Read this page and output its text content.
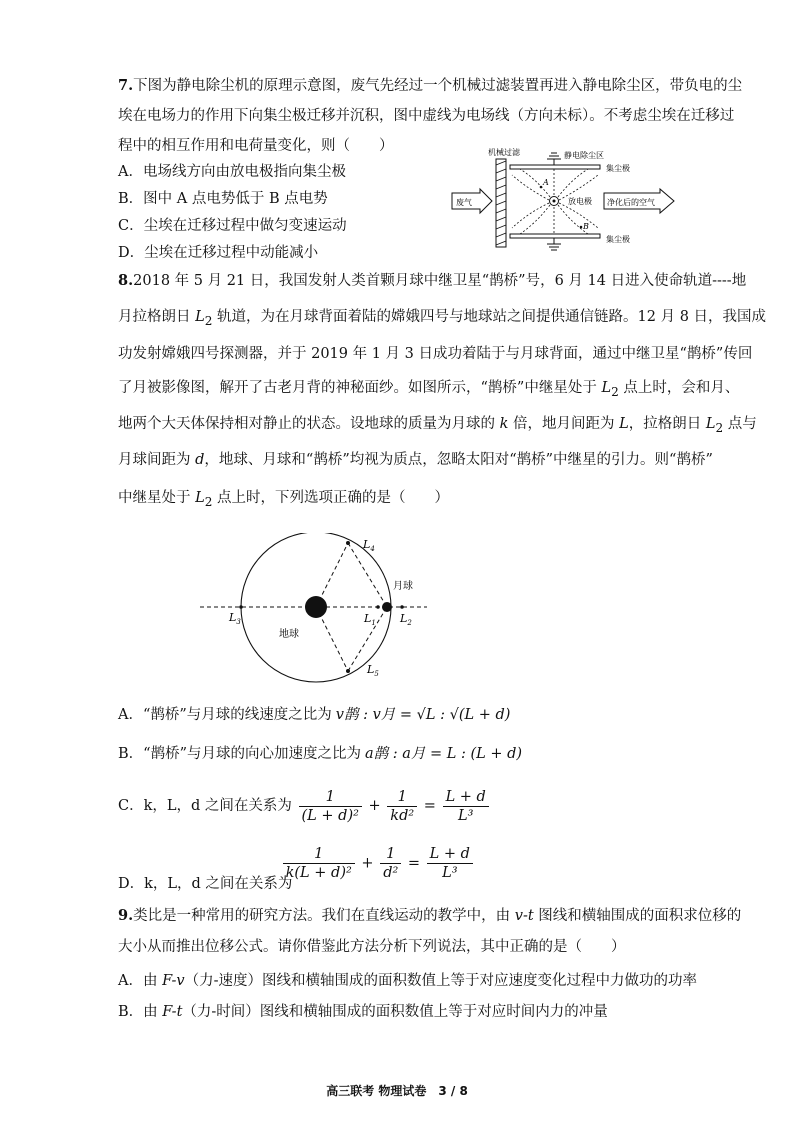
7.下图为静电除尘机的原理示意图，废气先经过一个机械过滤装置再进入静电除尘区，带负电的尘
埃在电场力的作用下向集尘极迁移并沉积，图中虚线为电场线（方向未标）。不考虑尘埃在迁移过
程中的相互作用和电荷量变化，则（　　）
A．电场线方向由放电极指向集尘极
B．图中 A 点电势低于 B 点电势
C．尘埃在迁移过程中做匀变速运动
D．尘埃在迁移过程中动能减小
A
B
机械过滤	静电除尘区
集尘极
集尘极
放电极
废气	净化后的空气
8.2018 年 5 月 21 日，我国发射人类首颗月球中继卫星“鹊桥”号，6 月 14 日进入使命轨道----地
月拉格朗日 $L_2$ 轨道，为在月球背面着陆的嫦娥四号与地球站之间提供通信链路。12 月 8 日，我国成
功发射嫦娥四号探测器，并于 2019 年 1 月 3 日成功着陆于与月球背面，通过中继卫星“鹊桥”传回
了月被影像图，解开了古老月背的神秘面纱。如图所示，“鹊桥”中继星处于 $L_2$ 点上时，会和月、
地两个大天体保持相对静止的状态。设地球的质量为月球的 k 倍，地月间距为 L，拉格朗日 $L_2$ 点与
月球间距为 d，地球、月球和“鹊桥”均视为质点，忽略太阳对“鹊桥”中继星的引力。则“鹊桥”
中继星处于 $L_2$ 点上时，下列选项正确的是（　　）
$L_3$	$L_1$ $L_2$
$L_4$
$L_5$
月球
地球
A．“鹊桥”与月球的线速度之比为 v鹊 : v月 = √L : √(L + d)
B．“鹊桥”与月球的向心加速度之比为 a鹊 : a月 = L : (L + d)
C．k，L，d 之间在关系为 $\frac{1}{\text{(L + d)²}} + \frac{1}{\text{kd²}} = \frac{L + d}{\text{L³}}$

$\frac{1}{\text{k(L + d)²}} + \frac{1}{\text{d²}} = \frac{L + d}{\text{L³}}$
D．k，L，d 之间在关系为
9.类比是一种常用的研究方法。我们在直线运动的教学中，由 v-t 图线和横轴围成的面积求位移的
大小从而推出位移公式。请你借鉴此方法分析下列说法，其中正确的是（　　）
A．由 F-v（力-速度）图线和横轴围成的面积数值上等于对应速度变化过程中力做功的功率
B．由 F-t（力-时间）图线和横轴围成的面积数值上等于对应时间内力的冲量
高三联考 物理试卷　3 / 8
